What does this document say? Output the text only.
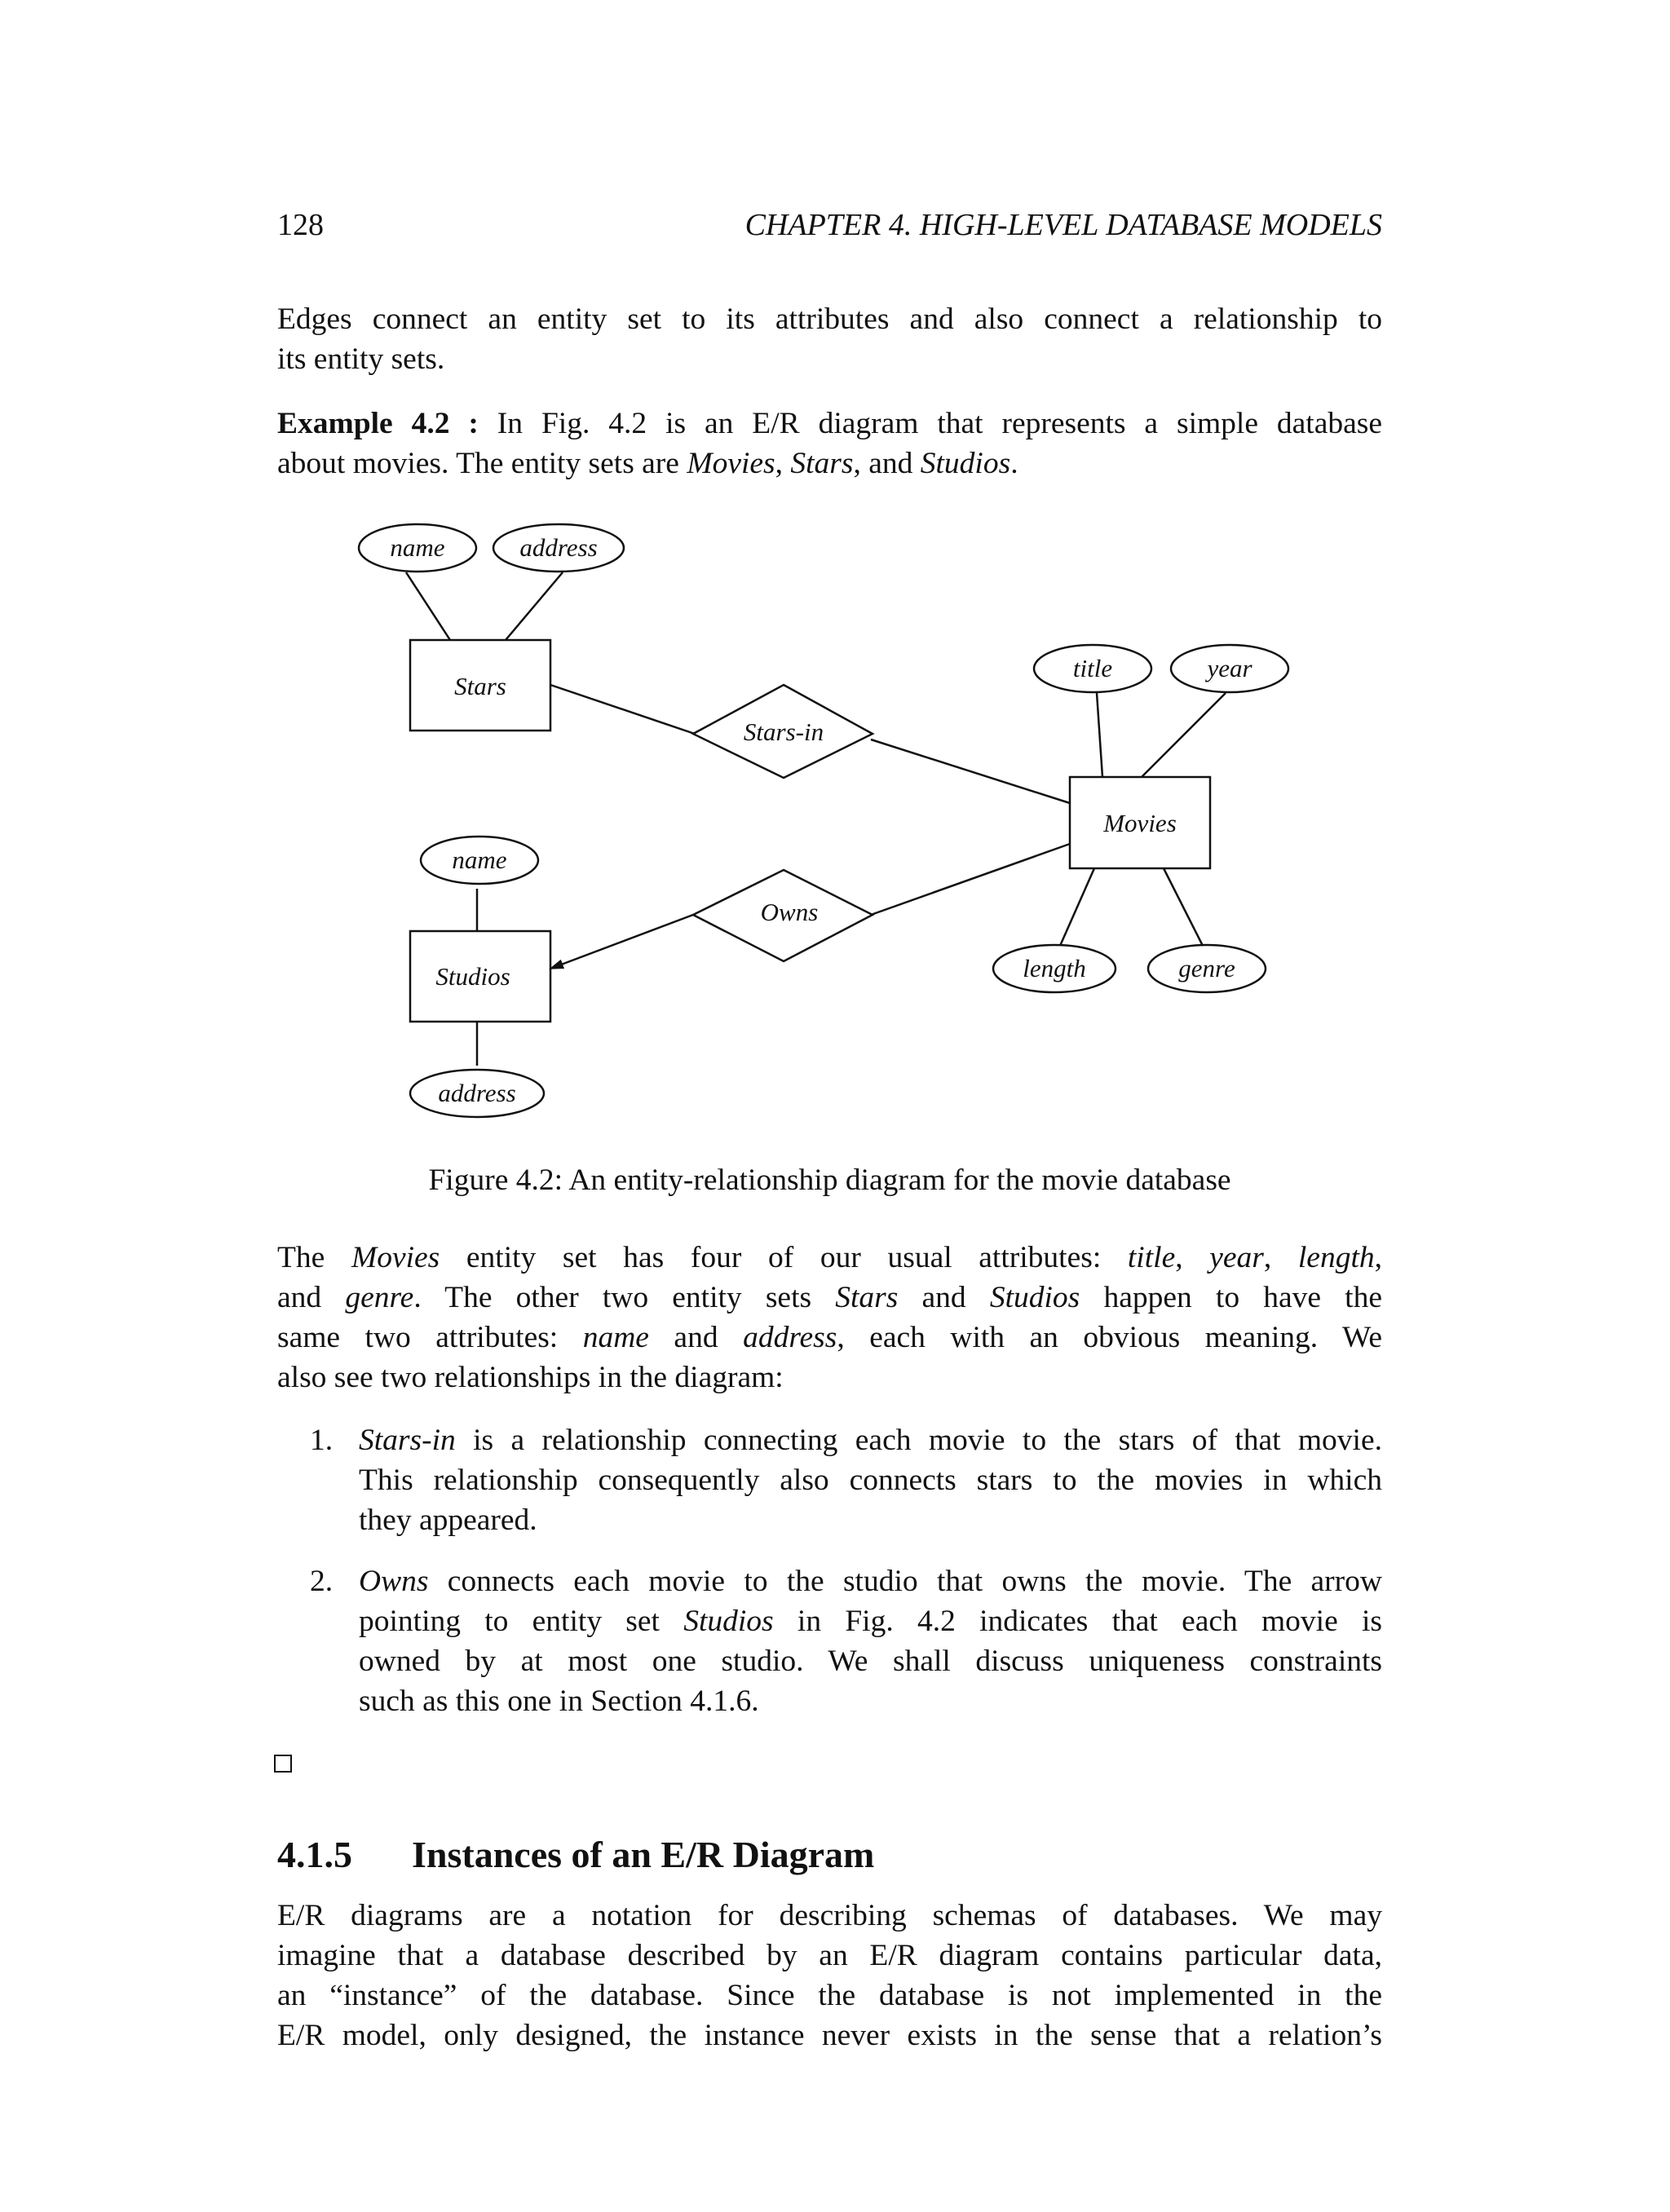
128	CHAPTER 4. HIGH-LEVEL DATABASE MODELS

Edges connect an entity set to its attributes and also connect a relationship to
its entity sets.

Example 4.2 : In Fig. 4.2 is an E/R diagram that represents a simple database
about movies. The entity sets are Movies, Stars, and Studios.

Stars
Movies
Studios
Stars-in
Owns
name	address
title	year
length	genre
name
address
Figure 4.2: An entity-relationship diagram for the movie database

The Movies entity set has four of our usual attributes: title, year, length,
and genre. The other two entity sets Stars and Studios happen to have the
same two attributes: name and address, each with an obvious meaning. We
also see two relationships in the diagram:

1. Stars-in is a relationship connecting each movie to the stars of that movie.
This relationship consequently also connects stars to the movies in which
they appeared.
2. Owns connects each movie to the studio that owns the movie. The arrow
pointing to entity set Studios in Fig. 4.2 indicates that each movie is
owned by at most one studio. We shall discuss uniqueness constraints
such as this one in Section 4.1.6.
4.1.5 Instances of an E/R Diagram

E/R diagrams are a notation for describing schemas of databases. We may
imagine that a database described by an E/R diagram contains particular data,
an “instance” of the database. Since the database is not implemented in the
E/R model, only designed, the instance never exists in the sense that a relation’s
